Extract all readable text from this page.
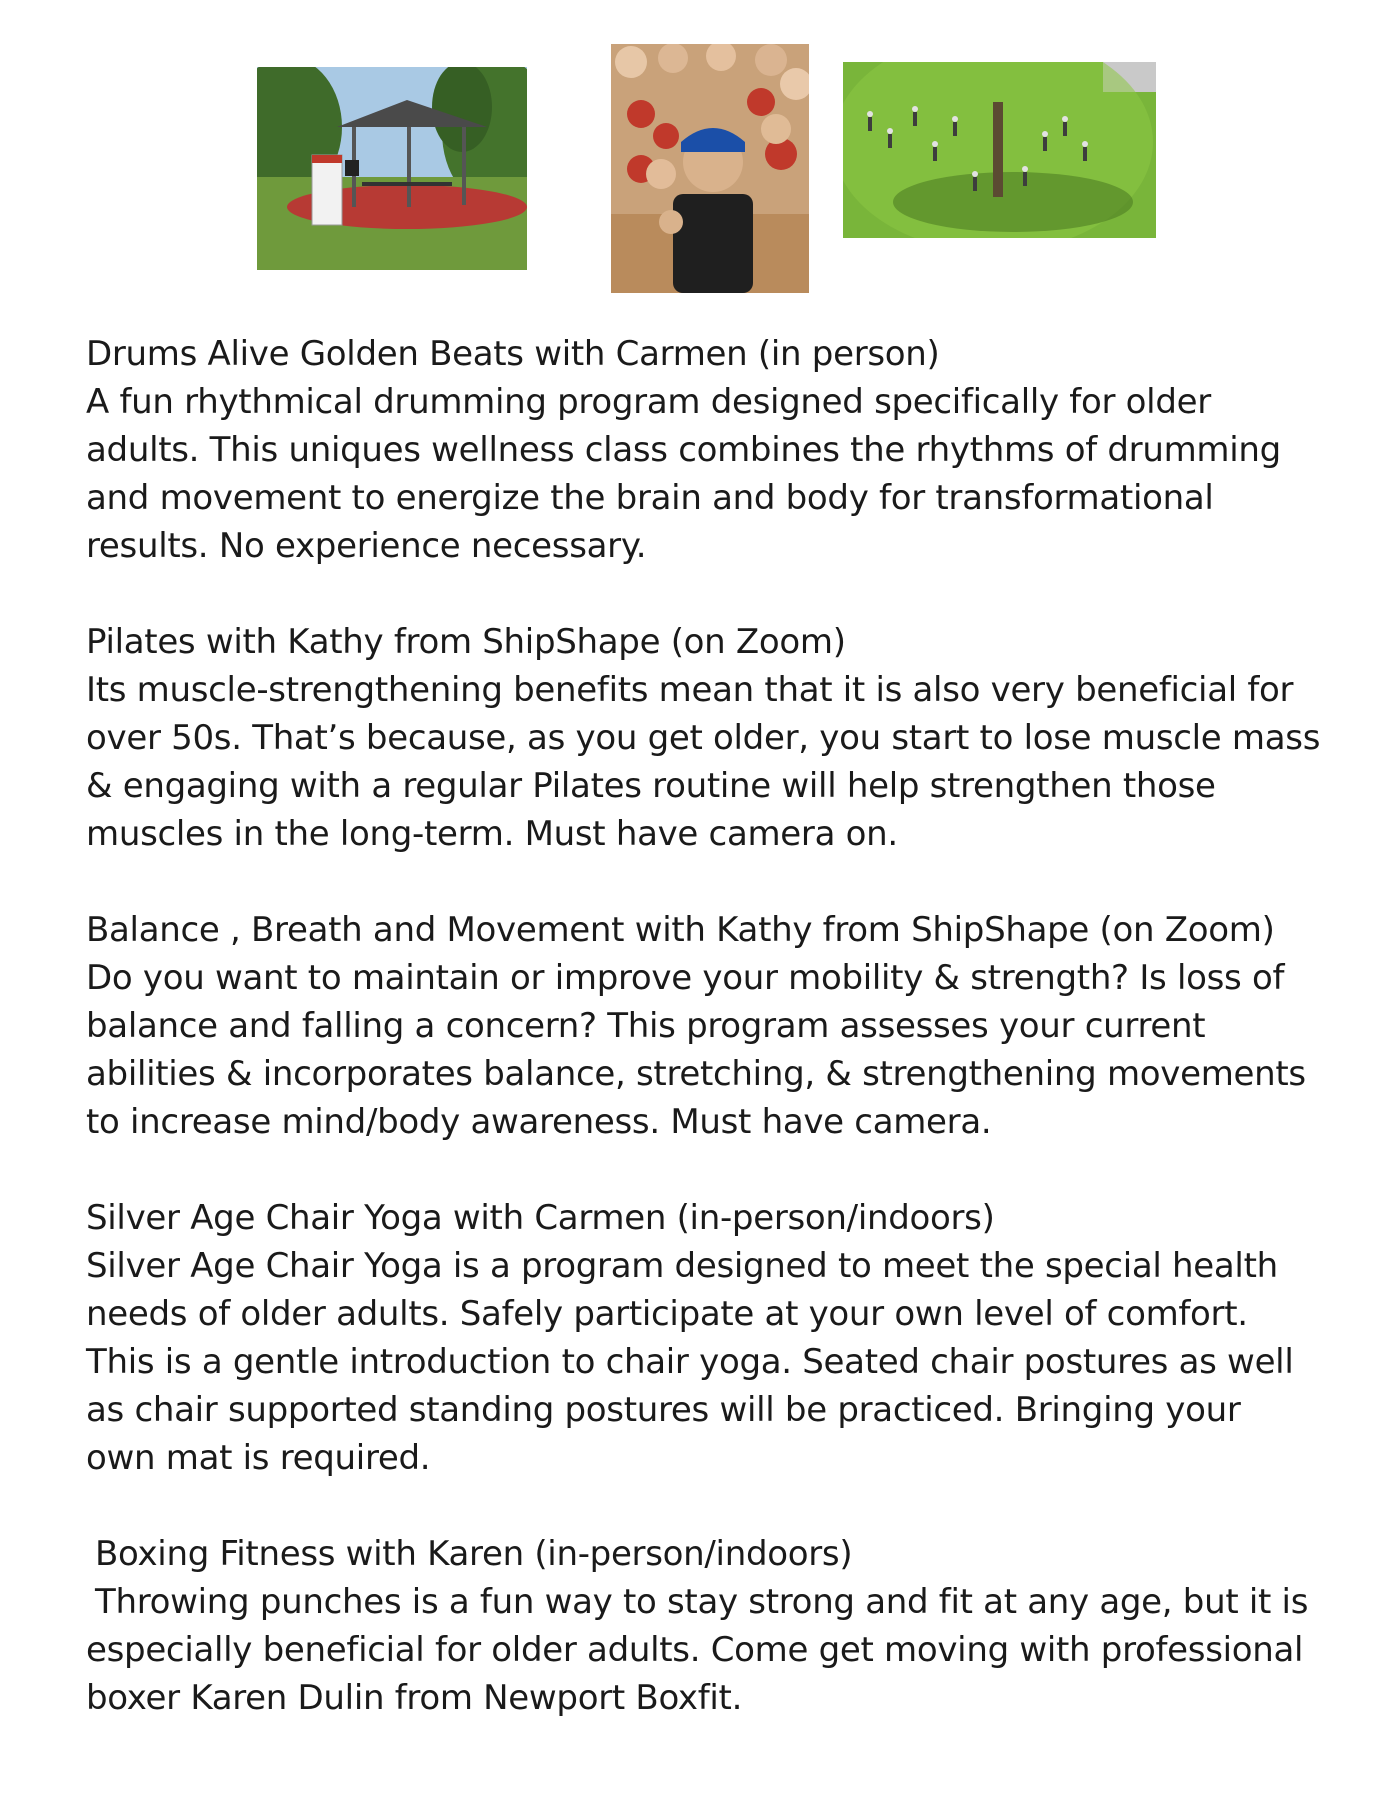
Drums Alive Golden Beats with Carmen (in person)

A fun rhythmical drumming program designed specifically for older

adults. This uniques wellness class combines the rhythms of drumming

and movement to energize the brain and body for transformational

results. No experience necessary.

Pilates with Kathy from ShipShape (on Zoom)

Its muscle-strengthening benefits mean that it is also very beneficial for

over 50s. That’s because, as you get older, you start to lose muscle mass

& engaging with a regular Pilates routine will help strengthen those

muscles in the long-term. Must have camera on.

Balance , Breath and Movement with Kathy from ShipShape (on Zoom)

Do you want to maintain or improve your mobility & strength? Is loss of

balance and falling a concern? This program assesses your current

abilities & incorporates balance, stretching, & strengthening movements

to increase mind/body awareness. Must have camera.

Silver Age Chair Yoga with Carmen (in-person/indoors)

Silver Age Chair Yoga is a program designed to meet the special health

needs of older adults. Safely participate at your own level of comfort.

This is a gentle introduction to chair yoga. Seated chair postures as well

as chair supported standing postures will be practiced. Bringing your

own mat is required.

Boxing Fitness with Karen (in-person/indoors)

Throwing punches is a fun way to stay strong and fit at any age, but it is

especially beneficial for older adults. Come get moving with professional

boxer Karen Dulin from Newport Boxfit.
